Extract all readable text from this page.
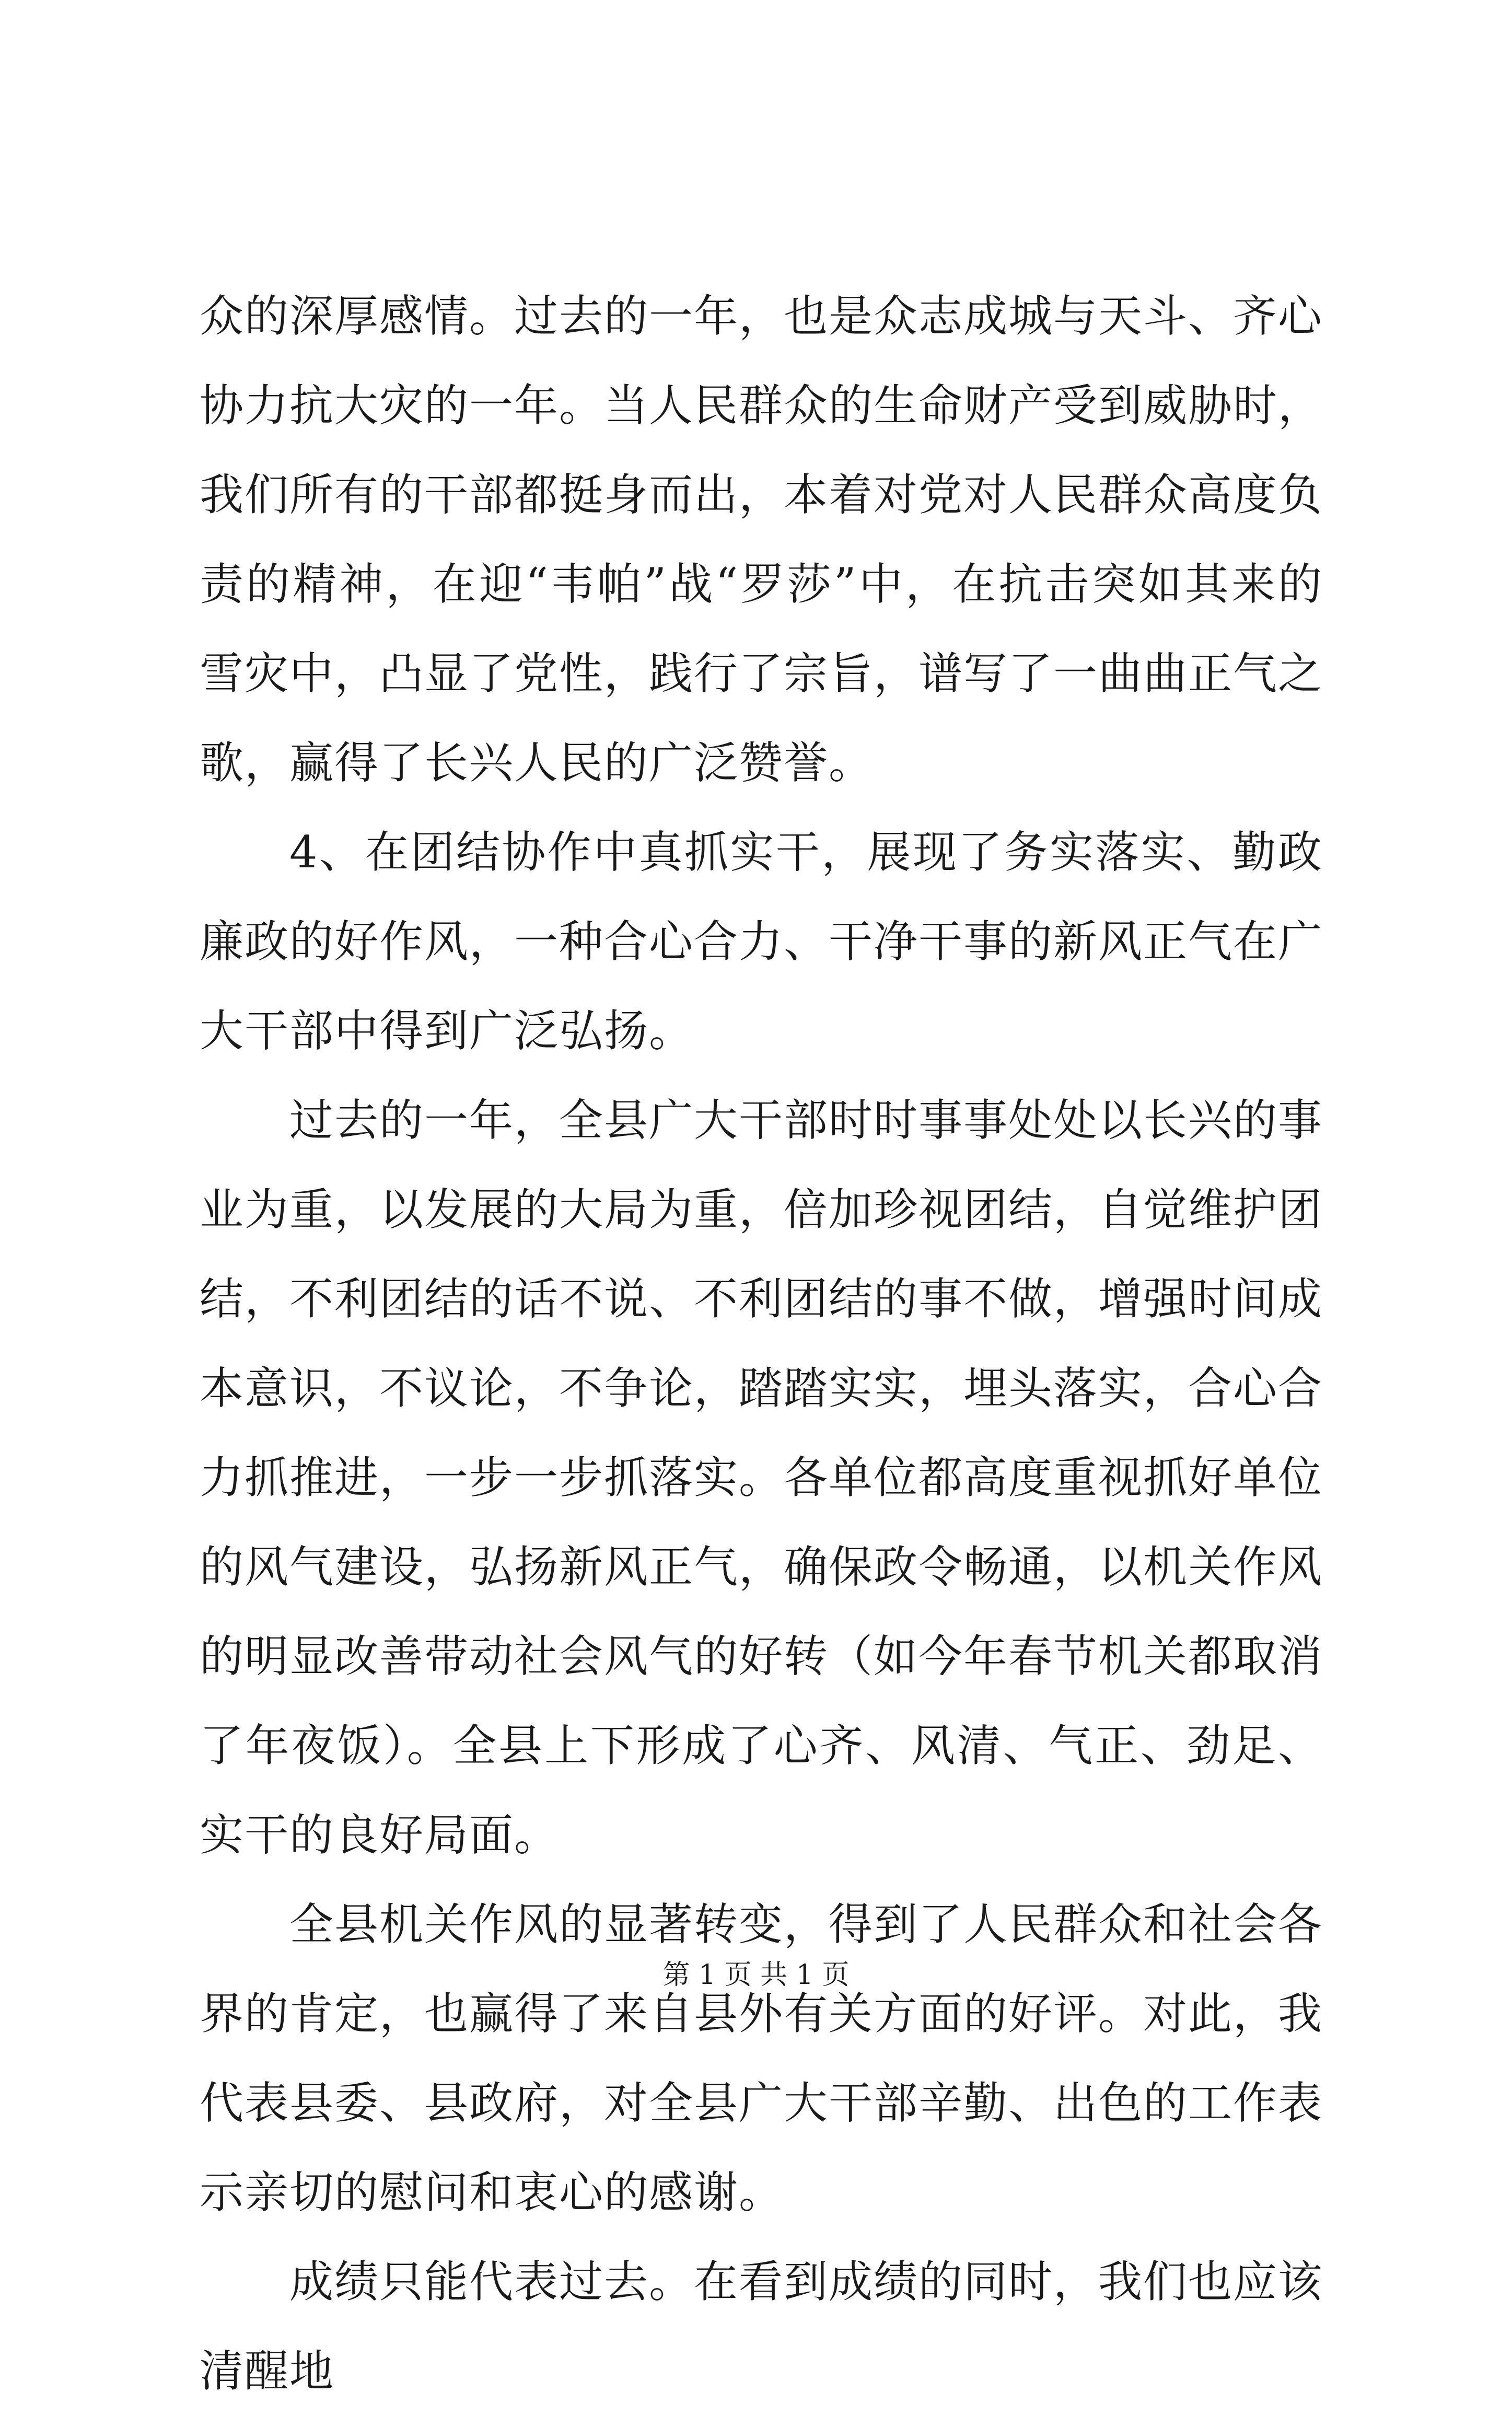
众的深厚感情。过去的一年，也是众志成城与天斗、齐心协力抗大灾的一年。当人民群众的生命财产受到威胁时，我们所有的干部都挺身而出，本着对党对人民群众高度负责的精神，在迎“韦帕”战“罗莎”中，在抗击突如其来的雪灾中，凸显了党性，践行了宗旨，谱写了一曲曲正气之歌，赢得了长兴人民的广泛赞誉。

4、在团结协作中真抓实干，展现了务实落实、勤政廉政的好作风，一种合心合力、干净干事的新风正气在广大干部中得到广泛弘扬。

过去的一年，全县广大干部时时事事处处以长兴的事业为重，以发展的大局为重，倍加珍视团结，自觉维护团结，不利团结的话不说、不利团结的事不做，增强时间成本意识，不议论，不争论，踏踏实实，埋头落实，合心合力抓推进，一步一步抓落实。各单位都高度重视抓好单位的风气建设，弘扬新风正气，确保政令畅通，以机关作风的明显改善带动社会风气的好转（如今年春节机关都取消了年夜饭）。全县上下形成了心齐、风清、气正、劲足、实干的良好局面。

全县机关作风的显著转变，得到了人民群众和社会各界的肯定，也赢得了来自县外有关方面的好评。对此，我代表县委、县政府，对全县广大干部辛勤、出色的工作表示亲切的慰问和衷心的感谢。

成绩只能代表过去。在看到成绩的同时，我们也应该清醒地

第 1 页 共 1 页
